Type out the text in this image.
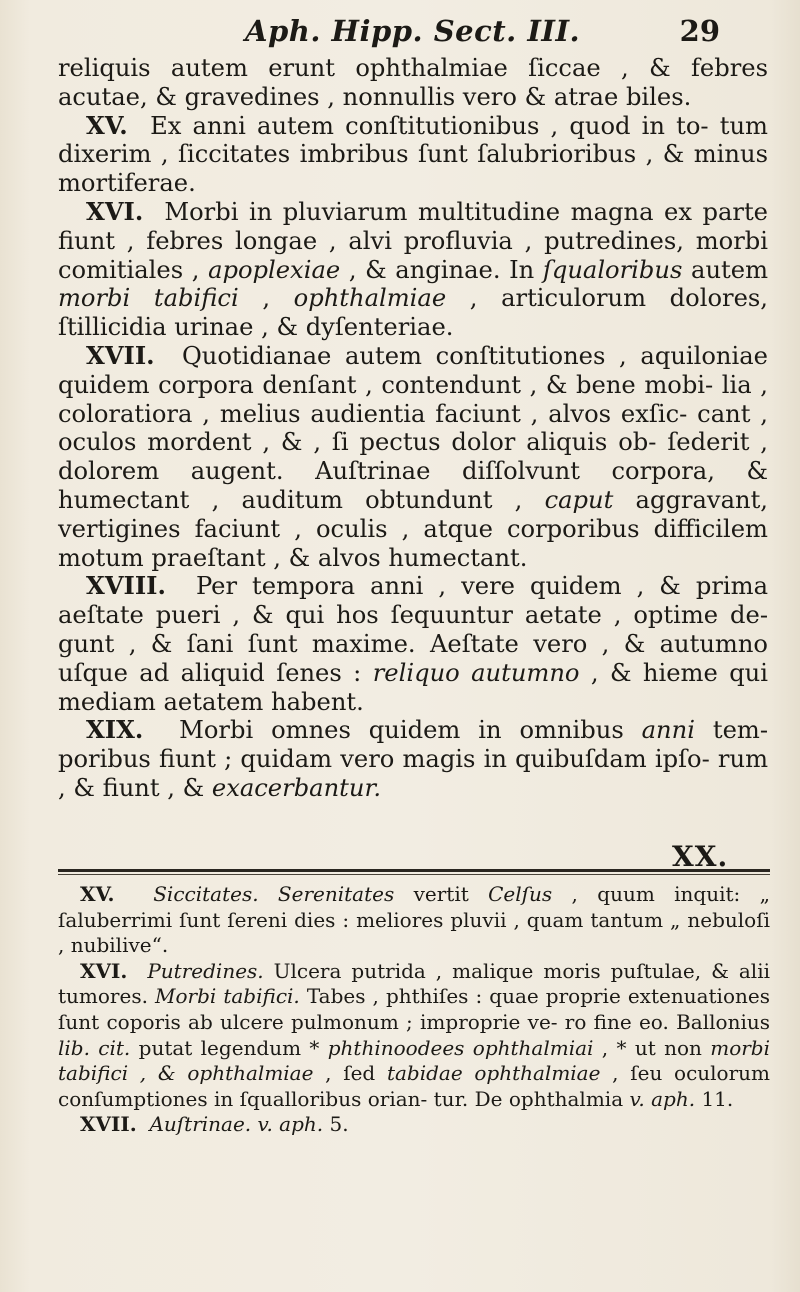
Aph. Hipp. Sect. III.	29

reliquis autem erunt ophthalmiae ſiccae , & febres acutae, & gravedines , nonnullis vero & atrae biles.

XV. Ex anni autem conſtitutionibus , quod in to- tum dixerim , ſiccitates imbribus ſunt ſalubrioribus , & minus mortiferae.

XVI. Morbi in pluviarum multitudine magna ex parte fiunt , febres longae , alvi profluvia , putredines, morbi comitiales , apoplexiae , & anginae. In ſqualoribus autem morbi tabifici , ophthalmiae , articulorum dolores, ſtillicidia urinae , & dyſenteriae.

XVII. Quotidianae autem conſtitutiones , aquiloniae quidem corpora denſant , contendunt , & bene mobi- lia , coloratiora , melius audientia faciunt , alvos exſic- cant , oculos mordent , & , ſi pectus dolor aliquis ob- ſederit , dolorem augent. Auſtrinae diſſolvunt corpora, & humectant , auditum obtundunt , caput aggravant, vertigines faciunt , oculis , atque corporibus difficilem motum praeſtant , & alvos humectant.

XVIII. Per tempora anni , vere quidem , & prima aeſtate pueri , & qui hos ſequuntur aetate , optime de- gunt , & ſani ſunt maxime. Aeſtate vero , & autumno uſque ad aliquid ſenes : reliquo autumno , & hieme qui mediam aetatem habent.

XIX. Morbi omnes quidem in omnibus anni tem- poribus fiunt ; quidam vero magis in quibuſdam ipſo- rum , & fiunt , & exacerbantur.

XX.

XV. Siccitates. Serenitates vertit Celſus , quum inquit: „ ſaluberrimi ſunt ſereni dies : meliores pluvii , quam tantum „ nebuloſi , nubilive“.

XVI. Putredines. Ulcera putrida , malique moris puſtulae, & alii tumores. Morbi tabifici. Tabes , phthiſes : quae proprie extenuationes ſunt coporis ab ulcere pulmonum ; improprie ve- ro fine eo. Ballonius lib. cit. putat legendum * phthinoodees ophthalmiai , * ut non morbi tabifici , & ophthalmiae , ſed tabidae ophthalmiae , ſeu oculorum conſumptiones in ſqualloribus orian- tur. De ophthalmia v. aph. 11.

XVII. Auſtrinae. v. aph. 5.
